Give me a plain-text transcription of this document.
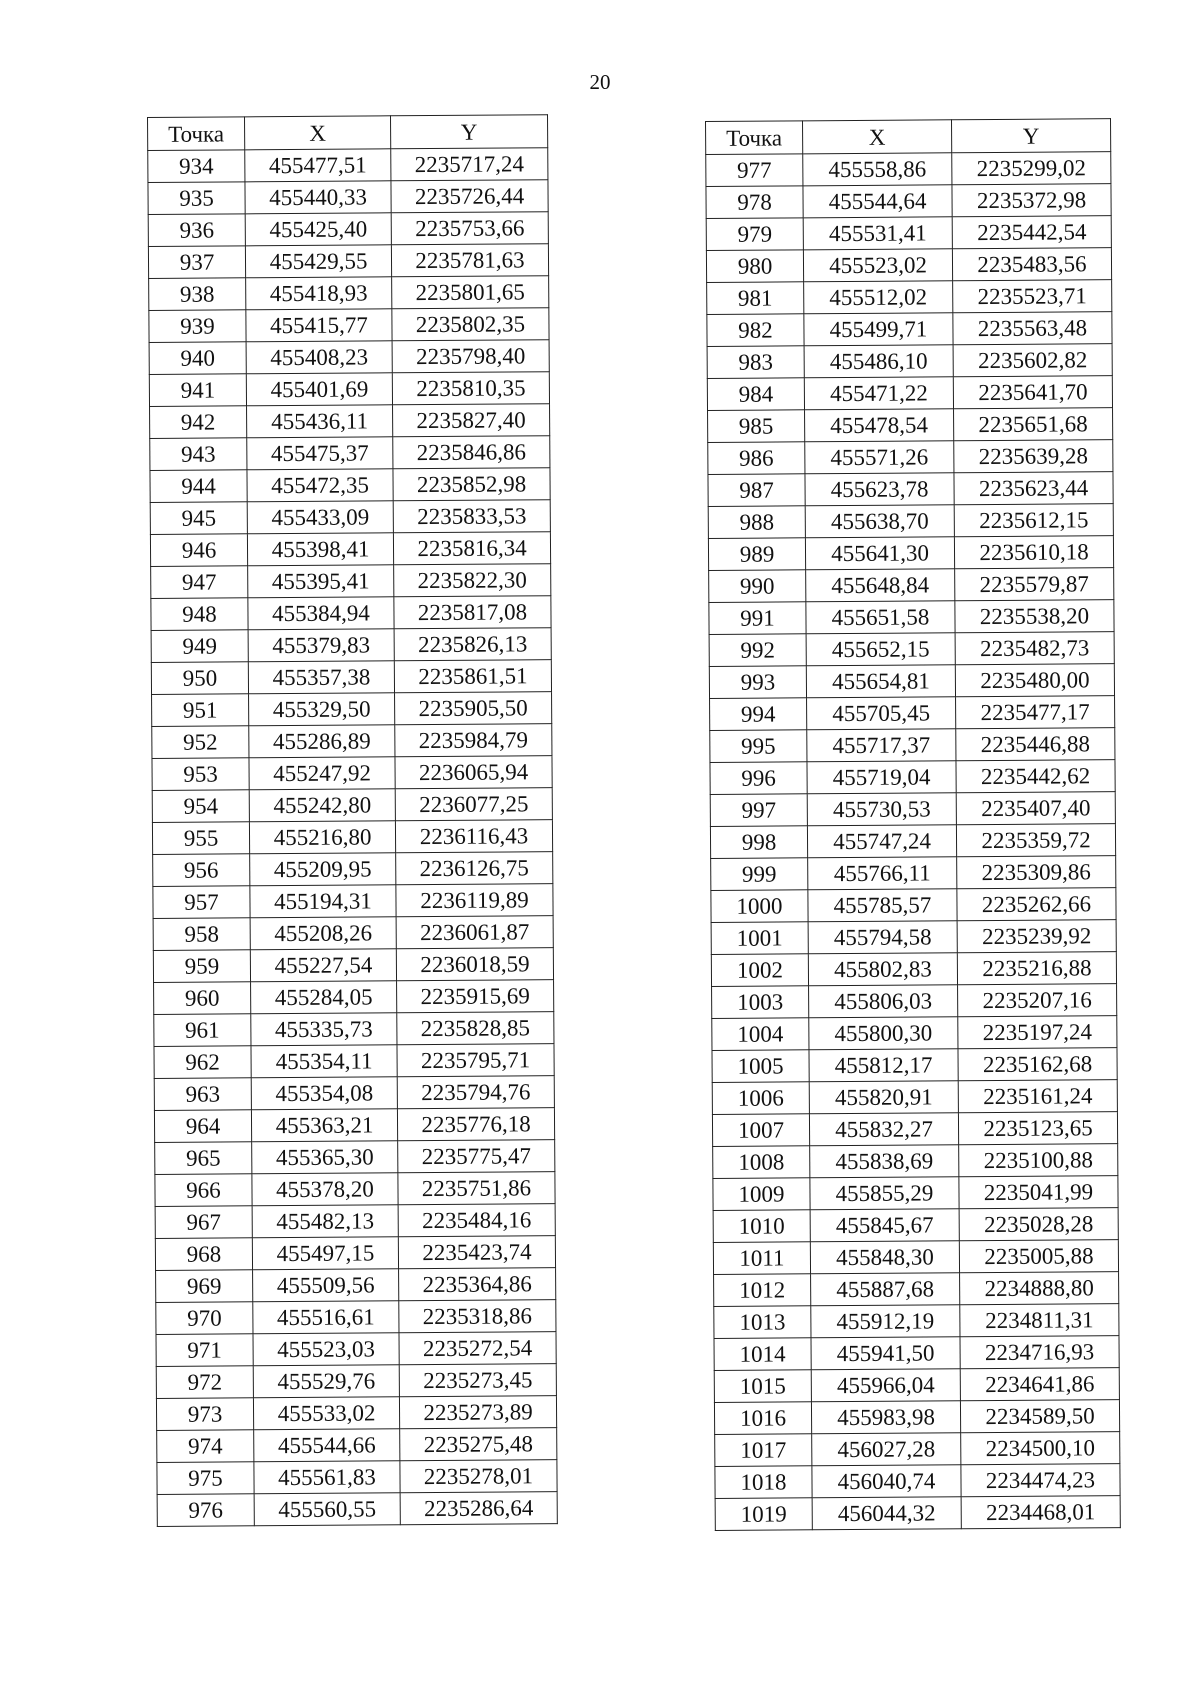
20
Точка	X	Y
934	455477,51	2235717,24
935	455440,33	2235726,44
936	455425,40	2235753,66
937	455429,55	2235781,63
938	455418,93	2235801,65
939	455415,77	2235802,35
940	455408,23	2235798,40
941	455401,69	2235810,35
942	455436,11	2235827,40
943	455475,37	2235846,86
944	455472,35	2235852,98
945	455433,09	2235833,53
946	455398,41	2235816,34
947	455395,41	2235822,30
948	455384,94	2235817,08
949	455379,83	2235826,13
950	455357,38	2235861,51
951	455329,50	2235905,50
952	455286,89	2235984,79
953	455247,92	2236065,94
954	455242,80	2236077,25
955	455216,80	2236116,43
956	455209,95	2236126,75
957	455194,31	2236119,89
958	455208,26	2236061,87
959	455227,54	2236018,59
960	455284,05	2235915,69
961	455335,73	2235828,85
962	455354,11	2235795,71
963	455354,08	2235794,76
964	455363,21	2235776,18
965	455365,30	2235775,47
966	455378,20	2235751,86
967	455482,13	2235484,16
968	455497,15	2235423,74
969	455509,56	2235364,86
970	455516,61	2235318,86
971	455523,03	2235272,54
972	455529,76	2235273,45
973	455533,02	2235273,89
974	455544,66	2235275,48
975	455561,83	2235278,01
976	455560,55	2235286,64
Точка	X	Y
977	455558,86	2235299,02
978	455544,64	2235372,98
979	455531,41	2235442,54
980	455523,02	2235483,56
981	455512,02	2235523,71
982	455499,71	2235563,48
983	455486,10	2235602,82
984	455471,22	2235641,70
985	455478,54	2235651,68
986	455571,26	2235639,28
987	455623,78	2235623,44
988	455638,70	2235612,15
989	455641,30	2235610,18
990	455648,84	2235579,87
991	455651,58	2235538,20
992	455652,15	2235482,73
993	455654,81	2235480,00
994	455705,45	2235477,17
995	455717,37	2235446,88
996	455719,04	2235442,62
997	455730,53	2235407,40
998	455747,24	2235359,72
999	455766,11	2235309,86
1000	455785,57	2235262,66
1001	455794,58	2235239,92
1002	455802,83	2235216,88
1003	455806,03	2235207,16
1004	455800,30	2235197,24
1005	455812,17	2235162,68
1006	455820,91	2235161,24
1007	455832,27	2235123,65
1008	455838,69	2235100,88
1009	455855,29	2235041,99
1010	455845,67	2235028,28
1011	455848,30	2235005,88
1012	455887,68	2234888,80
1013	455912,19	2234811,31
1014	455941,50	2234716,93
1015	455966,04	2234641,86
1016	455983,98	2234589,50
1017	456027,28	2234500,10
1018	456040,74	2234474,23
1019	456044,32	2234468,01
